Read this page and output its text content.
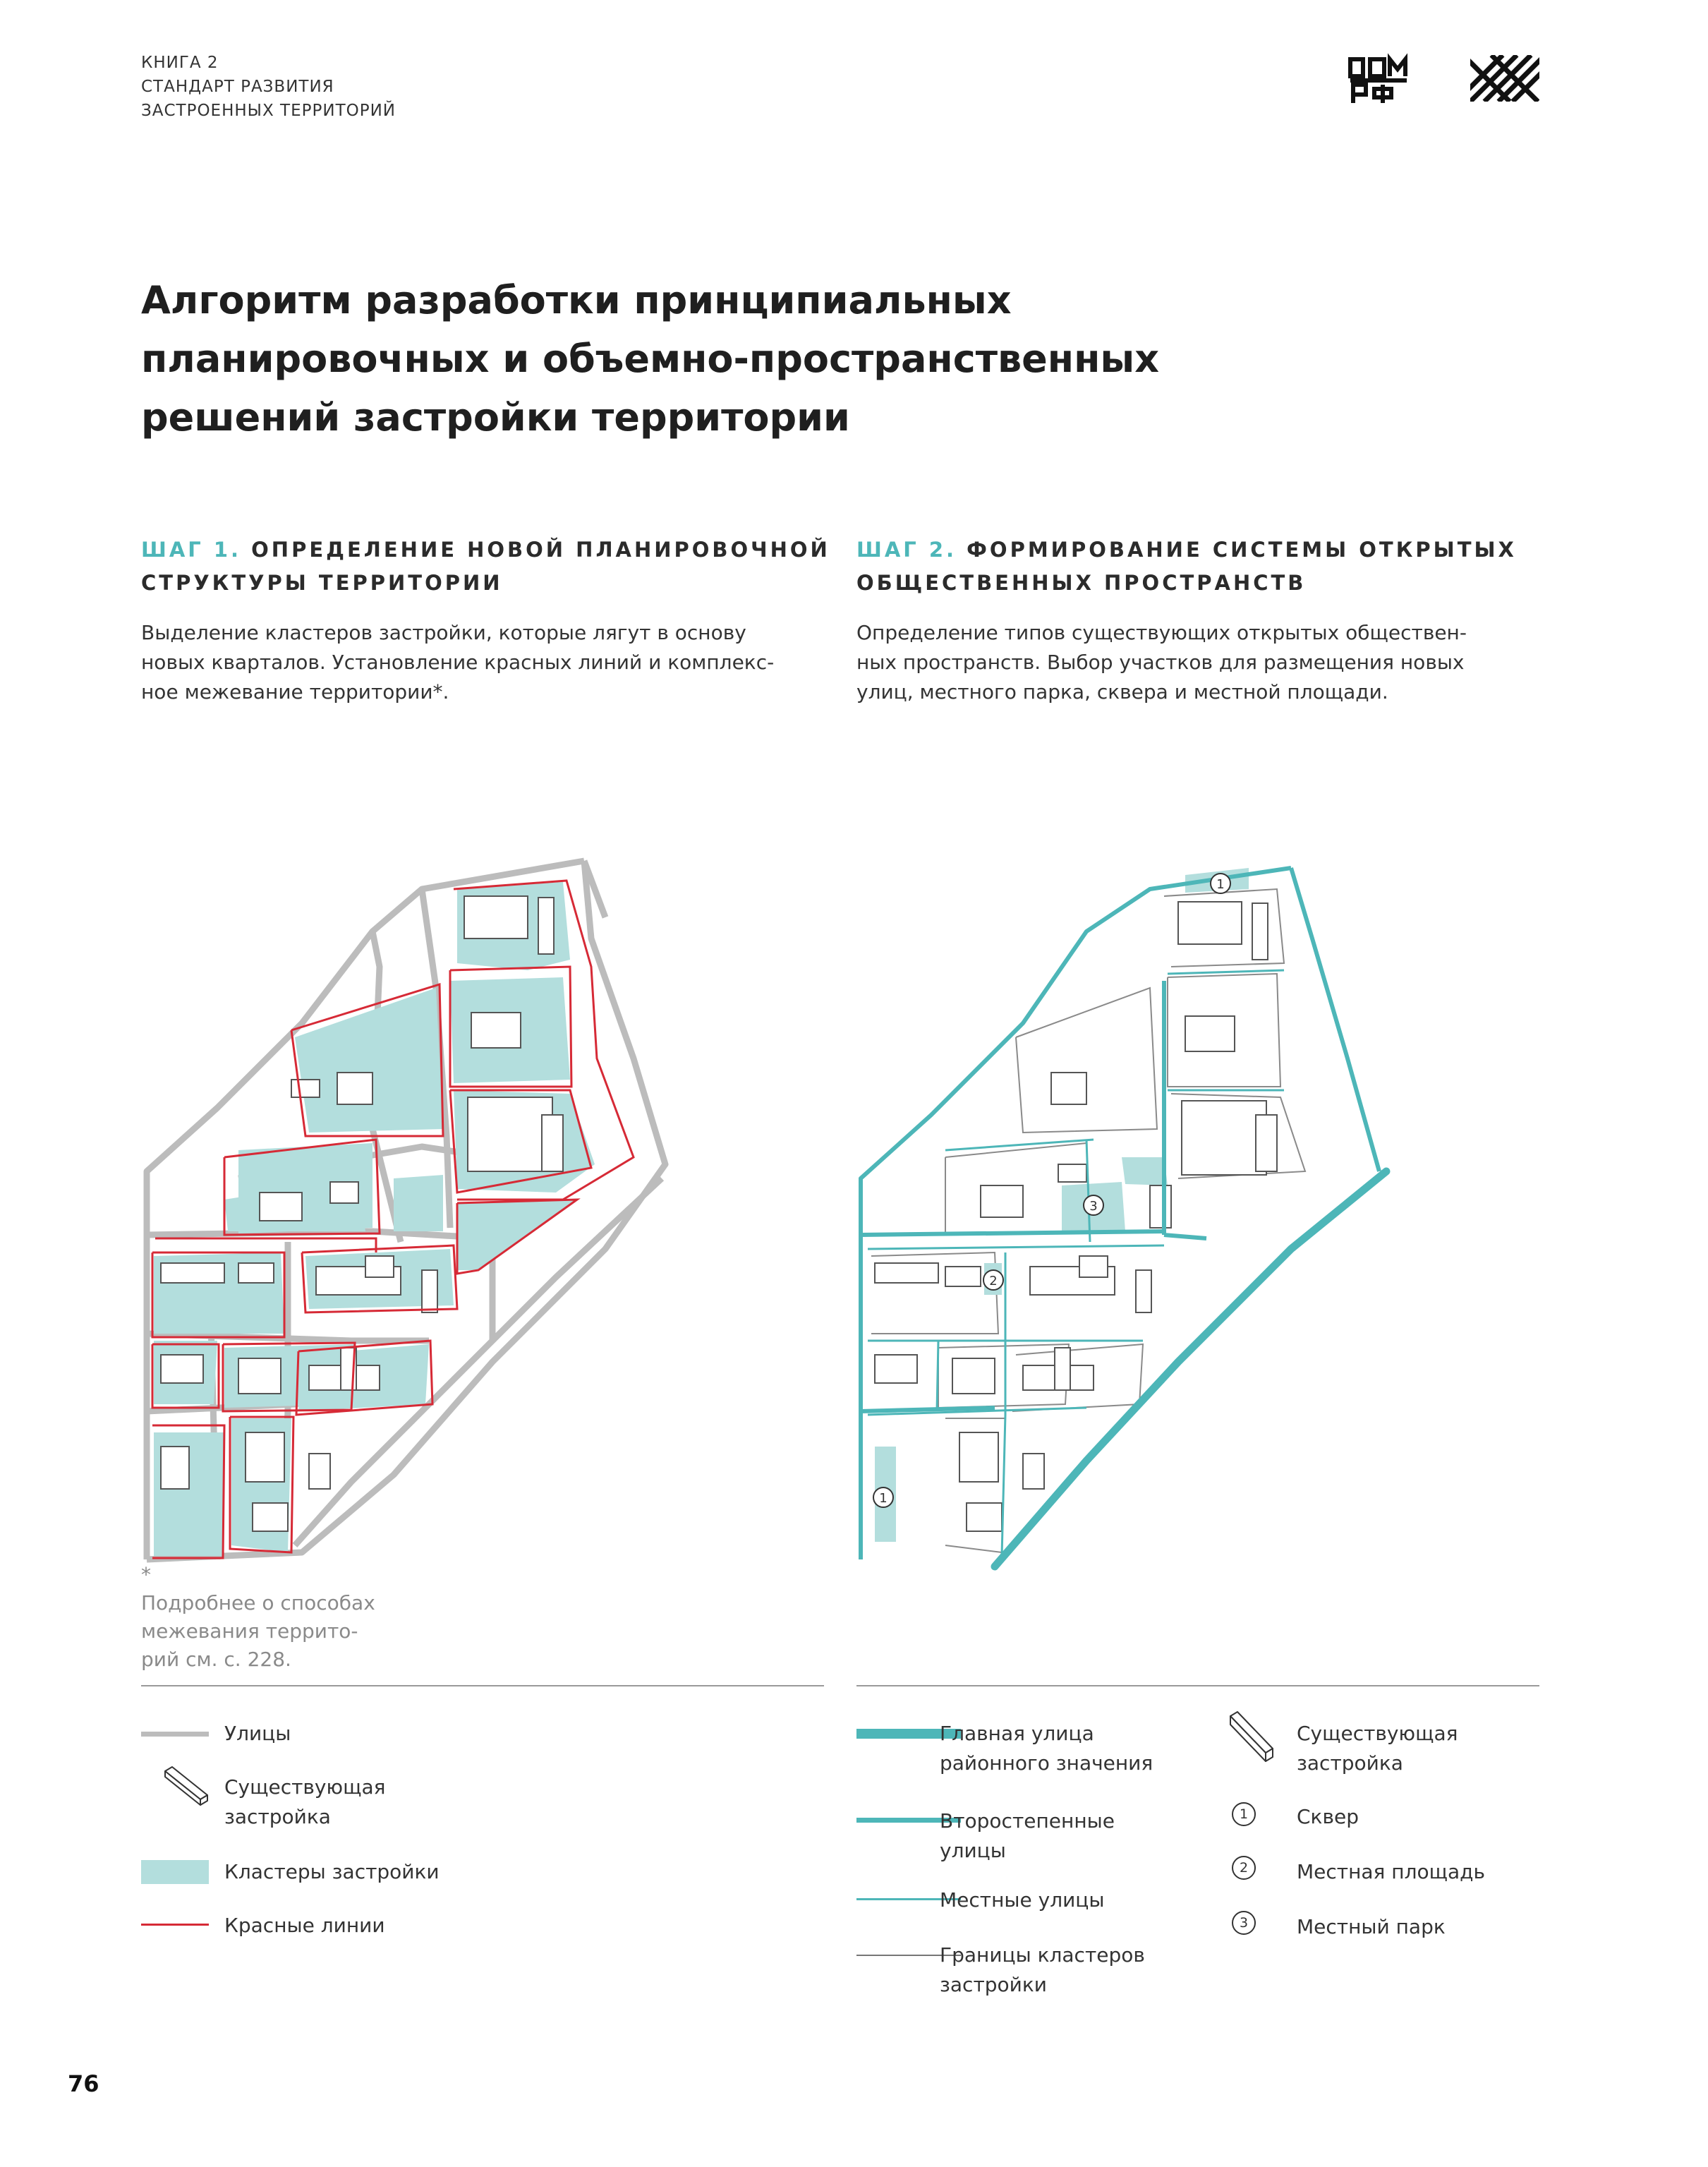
КНИГА 2
СТАНДАРТ РАЗВИТИЯ
ЗАСТРОЕННЫХ ТЕРРИТОРИЙ
Алгоритм разработки принципиальных
планировочных и объемно-пространственных
решений застройки территории
ШАГ 1. ОПРЕДЕЛЕНИЕ НОВОЙ ПЛАНИРОВОЧНОЙ
СТРУКТУРЫ ТЕРРИТОРИИ
Выделение кластеров застройки, которые лягут в основу
новых кварталов. Установление красных линий и комплекс-
ное межевание территории*.
ШАГ 2. ФОРМИРОВАНИЕ СИСТЕМЫ ОТКРЫТЫХ
ОБЩЕСТВЕННЫХ ПРОСТРАНСТВ
Определение типов существующих открытых обществен-
ных пространств. Выбор участков для размещения новых
улиц, местного парка, сквера и местной площади.
1
1
2
3
*
Подробнее о способах
межевания террито-
рий см. с. 228.
Улицы
Существующая
застройка
Кластеры застройки
Красные линии
Главная улица
районного значения
Второстепенные
улицы
Местные улицы
Границы кластеров
застройки
Существующая
застройка
1	Сквер
2	Местная площадь
3	Местный парк
76
